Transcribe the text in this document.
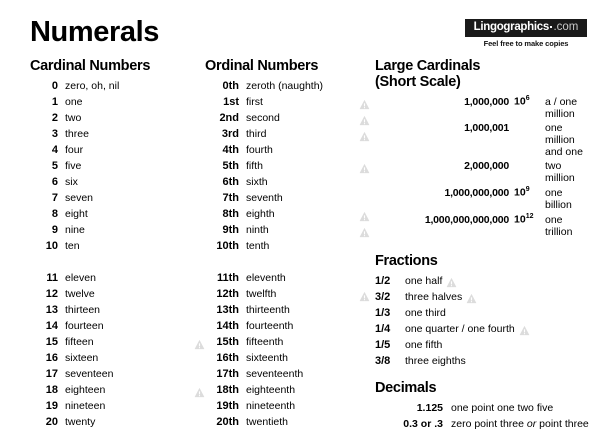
Numerals	Lingographics .com
Feel free to make copies
Cardinal Numbers
0 zero, oh, nil
1 one
2 two
3 three
4 four
5 five
6 six
7 seven
8 eight
9 nine
10 ten
11 eleven
12 twelve
13 thirteen
14 fourteen
15 fifteen
16 sixteen
17 seventeen
18 eighteen
19 nineteen
20 twenty
Ordinal Numbers
0th zeroth (naughth)
1st first
2nd second
3rd third
4th fourth
5th fifth
6th sixth
7th seventh
8th eighth
9th ninth
10th tenth
11th eleventh
12th twelfth
13th thirteenth
14th fourteenth
15th fifteenth
16th sixteenth
17th seventeenth
18th eighteenth
19th nineteenth
20th twentieth
Large Cardinals
(Short Scale)
1,000,000 $10^6$	a / one million
1,000,001	one million
and one
2,000,000	two million
1,000,000,000 $10^9$	one billion
1,000,000,000,000 $10^{12}$	one trillion
Fractions
1/2	one half
3/2	three halves
1/3	one third
1/4	one quarter / one fourth
1/5	one fifth
3/8	three eighths
Decimals
1.125 one point one two five
0.3 or .3 zero point three or point three
